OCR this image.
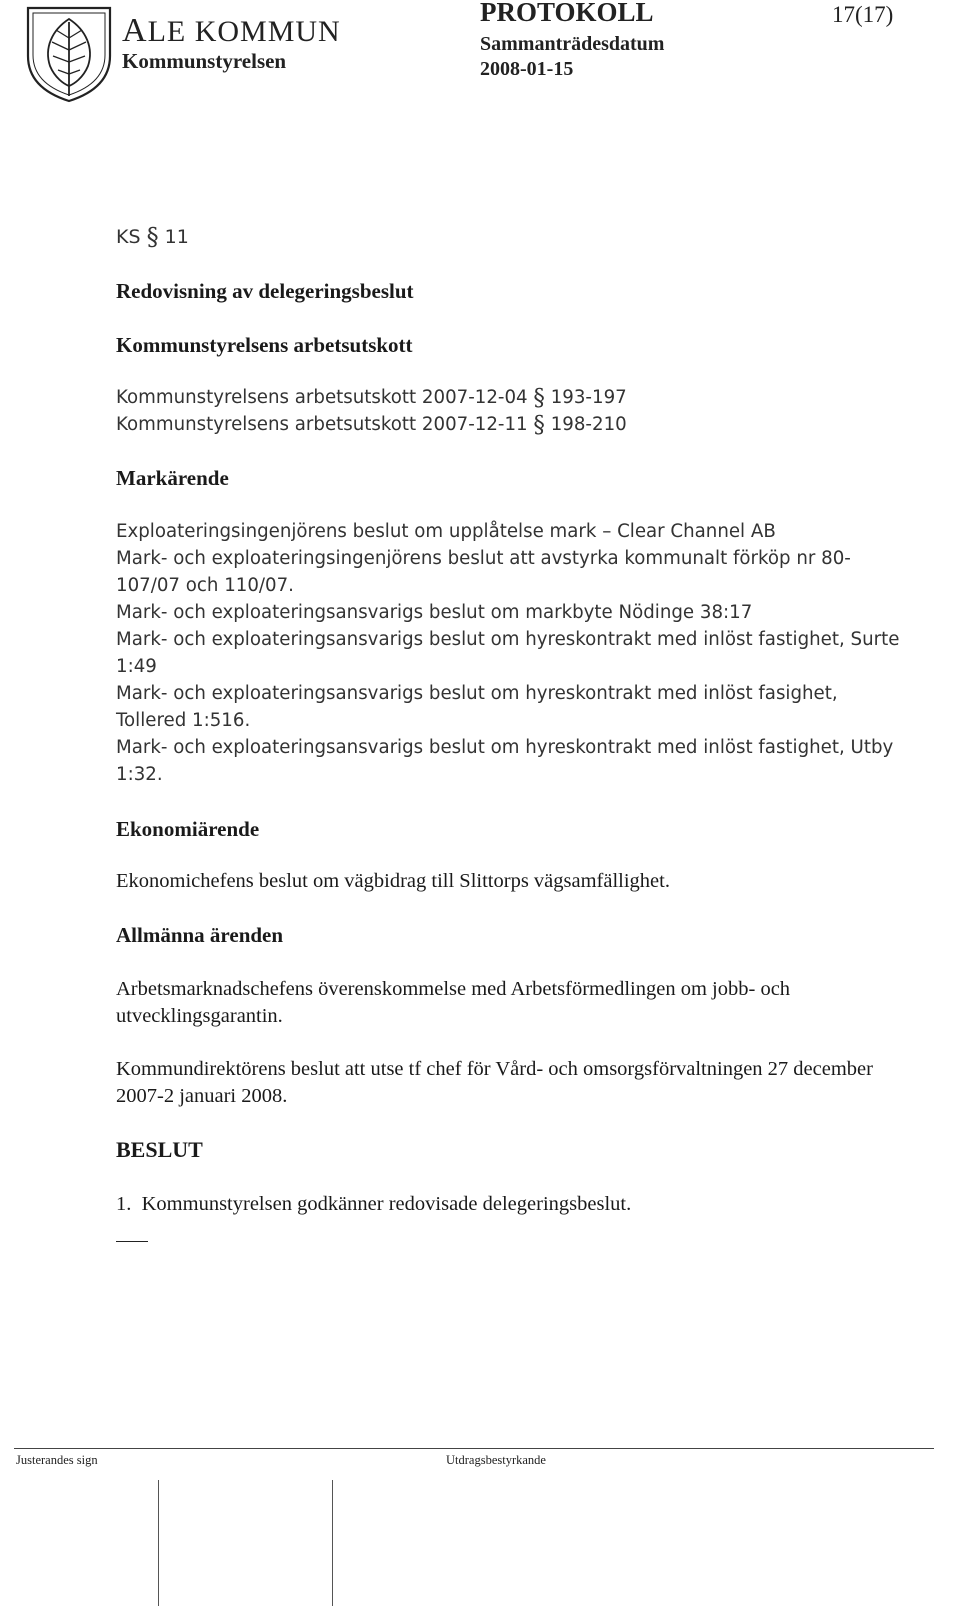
ALE KOMMUN
Kommunstyrelsen
PROTOKOLL	17(17)
Sammanträdesdatum
2008-01-15
KS § 11
Redovisning av delegeringsbeslut
Kommunstyrelsens arbetsutskott
Kommunstyrelsens arbetsutskott 2007-12-04 § 193-197
Kommunstyrelsens arbetsutskott 2007-12-11 § 198-210
Markärende
Exploateringsingenjörens beslut om upplåtelse mark – Clear Channel AB
Mark- och exploateringsingenjörens beslut att avstyrka kommunalt förköp nr 80-107/07 och 110/07.
Mark- och exploateringsansvarigs beslut om markbyte Nödinge 38:17
Mark- och exploateringsansvarigs beslut om hyreskontrakt med inlöst fastighet, Surte 1:49
Mark- och exploateringsansvarigs beslut om hyreskontrakt med inlöst fasighet, Tollered 1:516.
Mark- och exploateringsansvarigs beslut om hyreskontrakt med inlöst fastighet, Utby 1:32.
Ekonomiärende
Ekonomichefens beslut om vägbidrag till Slittorps vägsamfällighet.
Allmänna ärenden
Arbetsmarknadschefens överenskommelse med Arbetsförmedlingen om jobb- och utvecklingsgarantin.
Kommundirektörens beslut att utse tf chef för Vård- och omsorgsförvaltningen 27 december 2007-2 januari 2008.
BESLUT
1. Kommunstyrelsen godkänner redovisade delegeringsbeslut.
Justerandes sign	Utdragsbestyrkande
